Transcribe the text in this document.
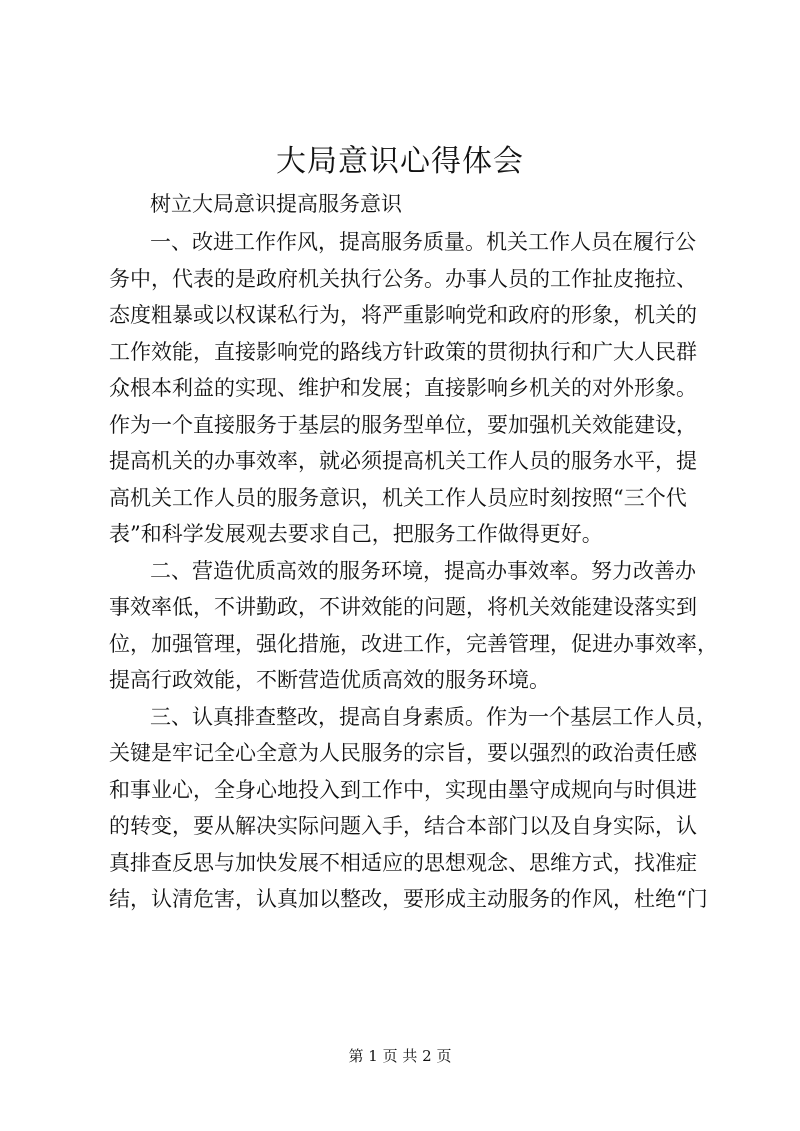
大局意识心得体会
树立大局意识提高服务意识
一、改进工作作风，提高服务质量。机关工作人员在履行公
务中，代表的是政府机关执行公务。办事人员的工作扯皮拖拉、
态度粗暴或以权谋私行为，将严重影响党和政府的形象，机关的
工作效能，直接影响党的路线方针政策的贯彻执行和广大人民群
众根本利益的实现、维护和发展；直接影响乡机关的对外形象。
作为一个直接服务于基层的服务型单位，要加强机关效能建设，
提高机关的办事效率，就必须提高机关工作人员的服务水平，提
高机关工作人员的服务意识，机关工作人员应时刻按照“三个代
表”和科学发展观去要求自己，把服务工作做得更好。
二、营造优质高效的服务环境，提高办事效率。努力改善办
事效率低，不讲勤政，不讲效能的问题，将机关效能建设落实到
位，加强管理，强化措施，改进工作，完善管理，促进办事效率，
提高行政效能，不断营造优质高效的服务环境。
三、认真排查整改，提高自身素质。作为一个基层工作人员，
关键是牢记全心全意为人民服务的宗旨，要以强烈的政治责任感
和事业心，全身心地投入到工作中，实现由墨守成规向与时俱进
的转变，要从解决实际问题入手，结合本部门以及自身实际，认
真排查反思与加快发展不相适应的思想观念、思维方式，找准症
结，认清危害，认真加以整改，要形成主动服务的作风，杜绝“门
第 1 页 共 2 页
